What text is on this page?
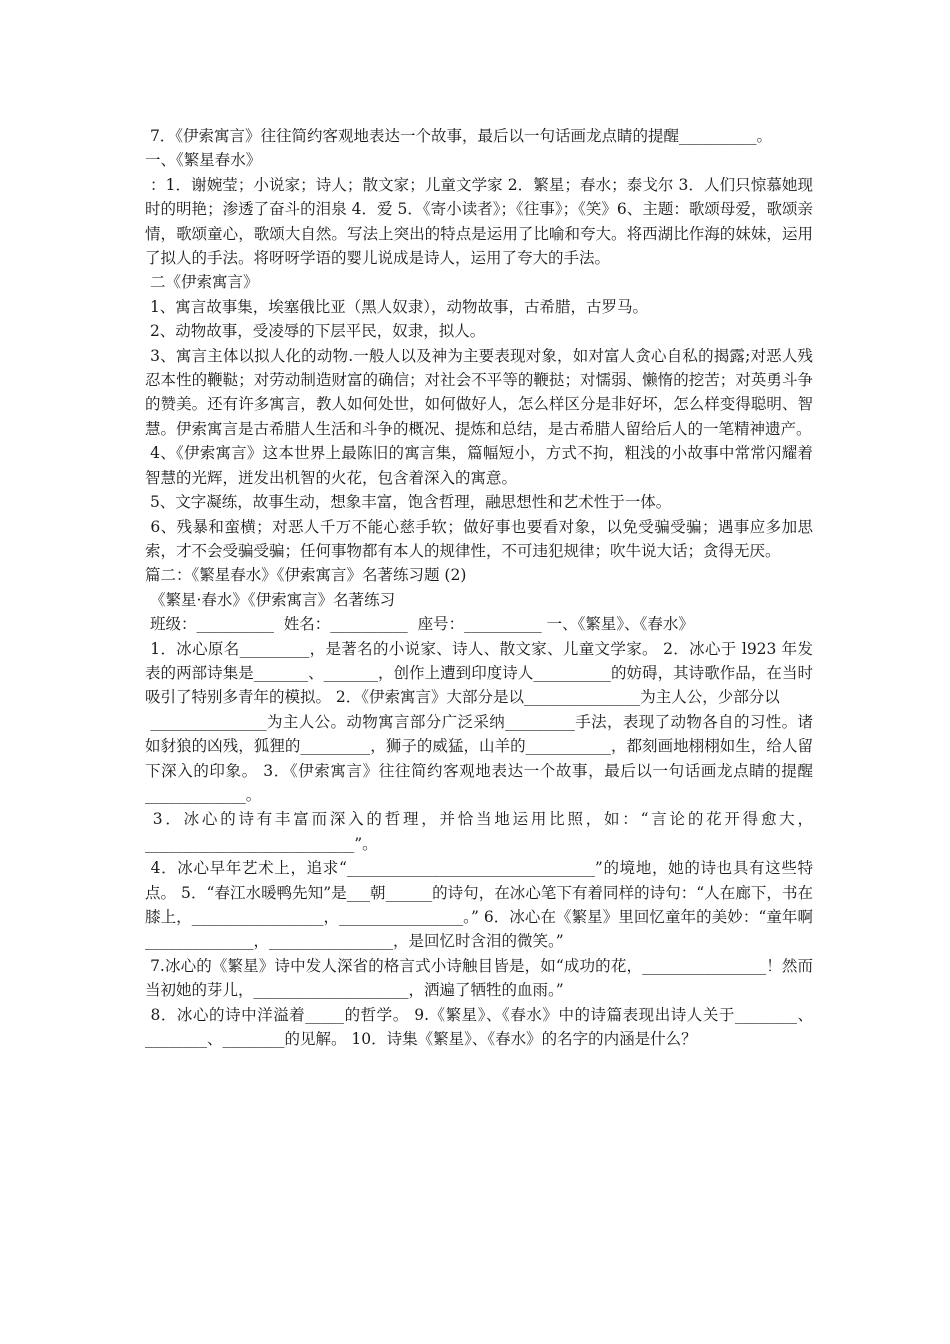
7．《伊索寓言》往往简约客观地表达一个故事，最后以一句话画龙点睛的提醒__________。

一、《繁星春水》

：1．谢婉莹；小说家；诗人；散文家；儿童文学家 2．繁星；春水；泰戈尔 3．人们只惊慕她现时的明艳；渗透了奋斗的泪泉 4．爱 5．《寄小读者》；《往事》；《笑》6、主题：歌颂母爱，歌颂亲情，歌颂童心，歌颂大自然。写法上突出的特点是运用了比喻和夸大。将西湖比作海的妹妹，运用了拟人的手法。将呀呀学语的婴儿说成是诗人，运用了夸大的手法。

二《伊索寓言》

1、寓言故事集，埃塞俄比亚（黑人奴隶），动物故事，古希腊，古罗马。

2、动物故事，受凌辱的下层平民，奴隶，拟人。

3、寓言主体以拟人化的动物.一般人以及神为主要表现对象，如对富人贪心自私的揭露;对恶人残忍本性的鞭鞑；对劳动制造财富的确信；对社会不平等的鞭挞；对懦弱、懒惰的挖苦；对英勇斗争的赞美。还有许多寓言，教人如何处世，如何做好人，怎么样区分是非好坏，怎么样变得聪明、智慧。伊索寓言是古希腊人生活和斗争的概况、提炼和总结，是古希腊人留给后人的一笔精神遗产。

4、《伊索寓言》这本世界上最陈旧的寓言集，篇幅短小，方式不拘，粗浅的小故事中常常闪耀着智慧的光辉，迸发出机智的火花，包含着深入的寓意。

5、文字凝练，故事生动，想象丰富，饱含哲理，融思想性和艺术性于一体。

6、残暴和蛮横；对恶人千万不能心慈手软；做好事也要看对象，以免受骗受骗；遇事应多加思索，才不会受骗受骗；任何事物都有本人的规律性，不可违犯规律；吹牛说大话；贪得无厌。

篇二：《繁星春水》《伊索寓言》名著练习题 (2)

《繁星·春水》《伊索寓言》名著练习

班级：__________  姓名：__________  座号：__________ 一、《繁星》、《春水》

1．冰心原名_________，是著名的小说家、诗人、散文家、儿童文学家。 2．冰心于 l923 年发表的两部诗集是_______、_______，创作上遭到印度诗人__________的妨碍，其诗歌作品，在当时吸引了特别多青年的模拟。 2．《伊索寓言》大部分是以_______________为主人公，少部分以

_______________为主人公。动物寓言部分广泛采纳_________手法，表现了动物各自的习性。诸如豺狼的凶残，狐狸的_________，狮子的威猛，山羊的___________，都刻画地栩栩如生，给人留下深入的印象。 3．《伊索寓言》往往简约客观地表达一个故事，最后以一句话画龙点睛的提醒_____________。

3．冰心的诗有丰富而深入的哲理，并恰当地运用比照，如：“言论的花开得愈大，___________________________”。

4．冰心早年艺术上，追求“________________________________”的境地，她的诗也具有这些特点。 5．“春江水暖鸭先知”是___朝______的诗句，在冰心笔下有着同样的诗句：“人在廊下，书在膝上，_________________，________________。” 6．冰心在《繁星》里回忆童年的美妙：“童年啊______________，________________，是回忆时含泪的微笑。”

7.冰心的《繁星》诗中发人深省的格言式小诗触目皆是，如“成功的花，________________！然而当初她的芽儿，____________________，洒遍了牺牲的血雨。”

8．冰心的诗中洋溢着_____的哲学。 9.《繁星》、《春水》中的诗篇表现出诗人关于________、________、________的见解。 10．诗集《繁星》、《春水》的名字的内涵是什么？
